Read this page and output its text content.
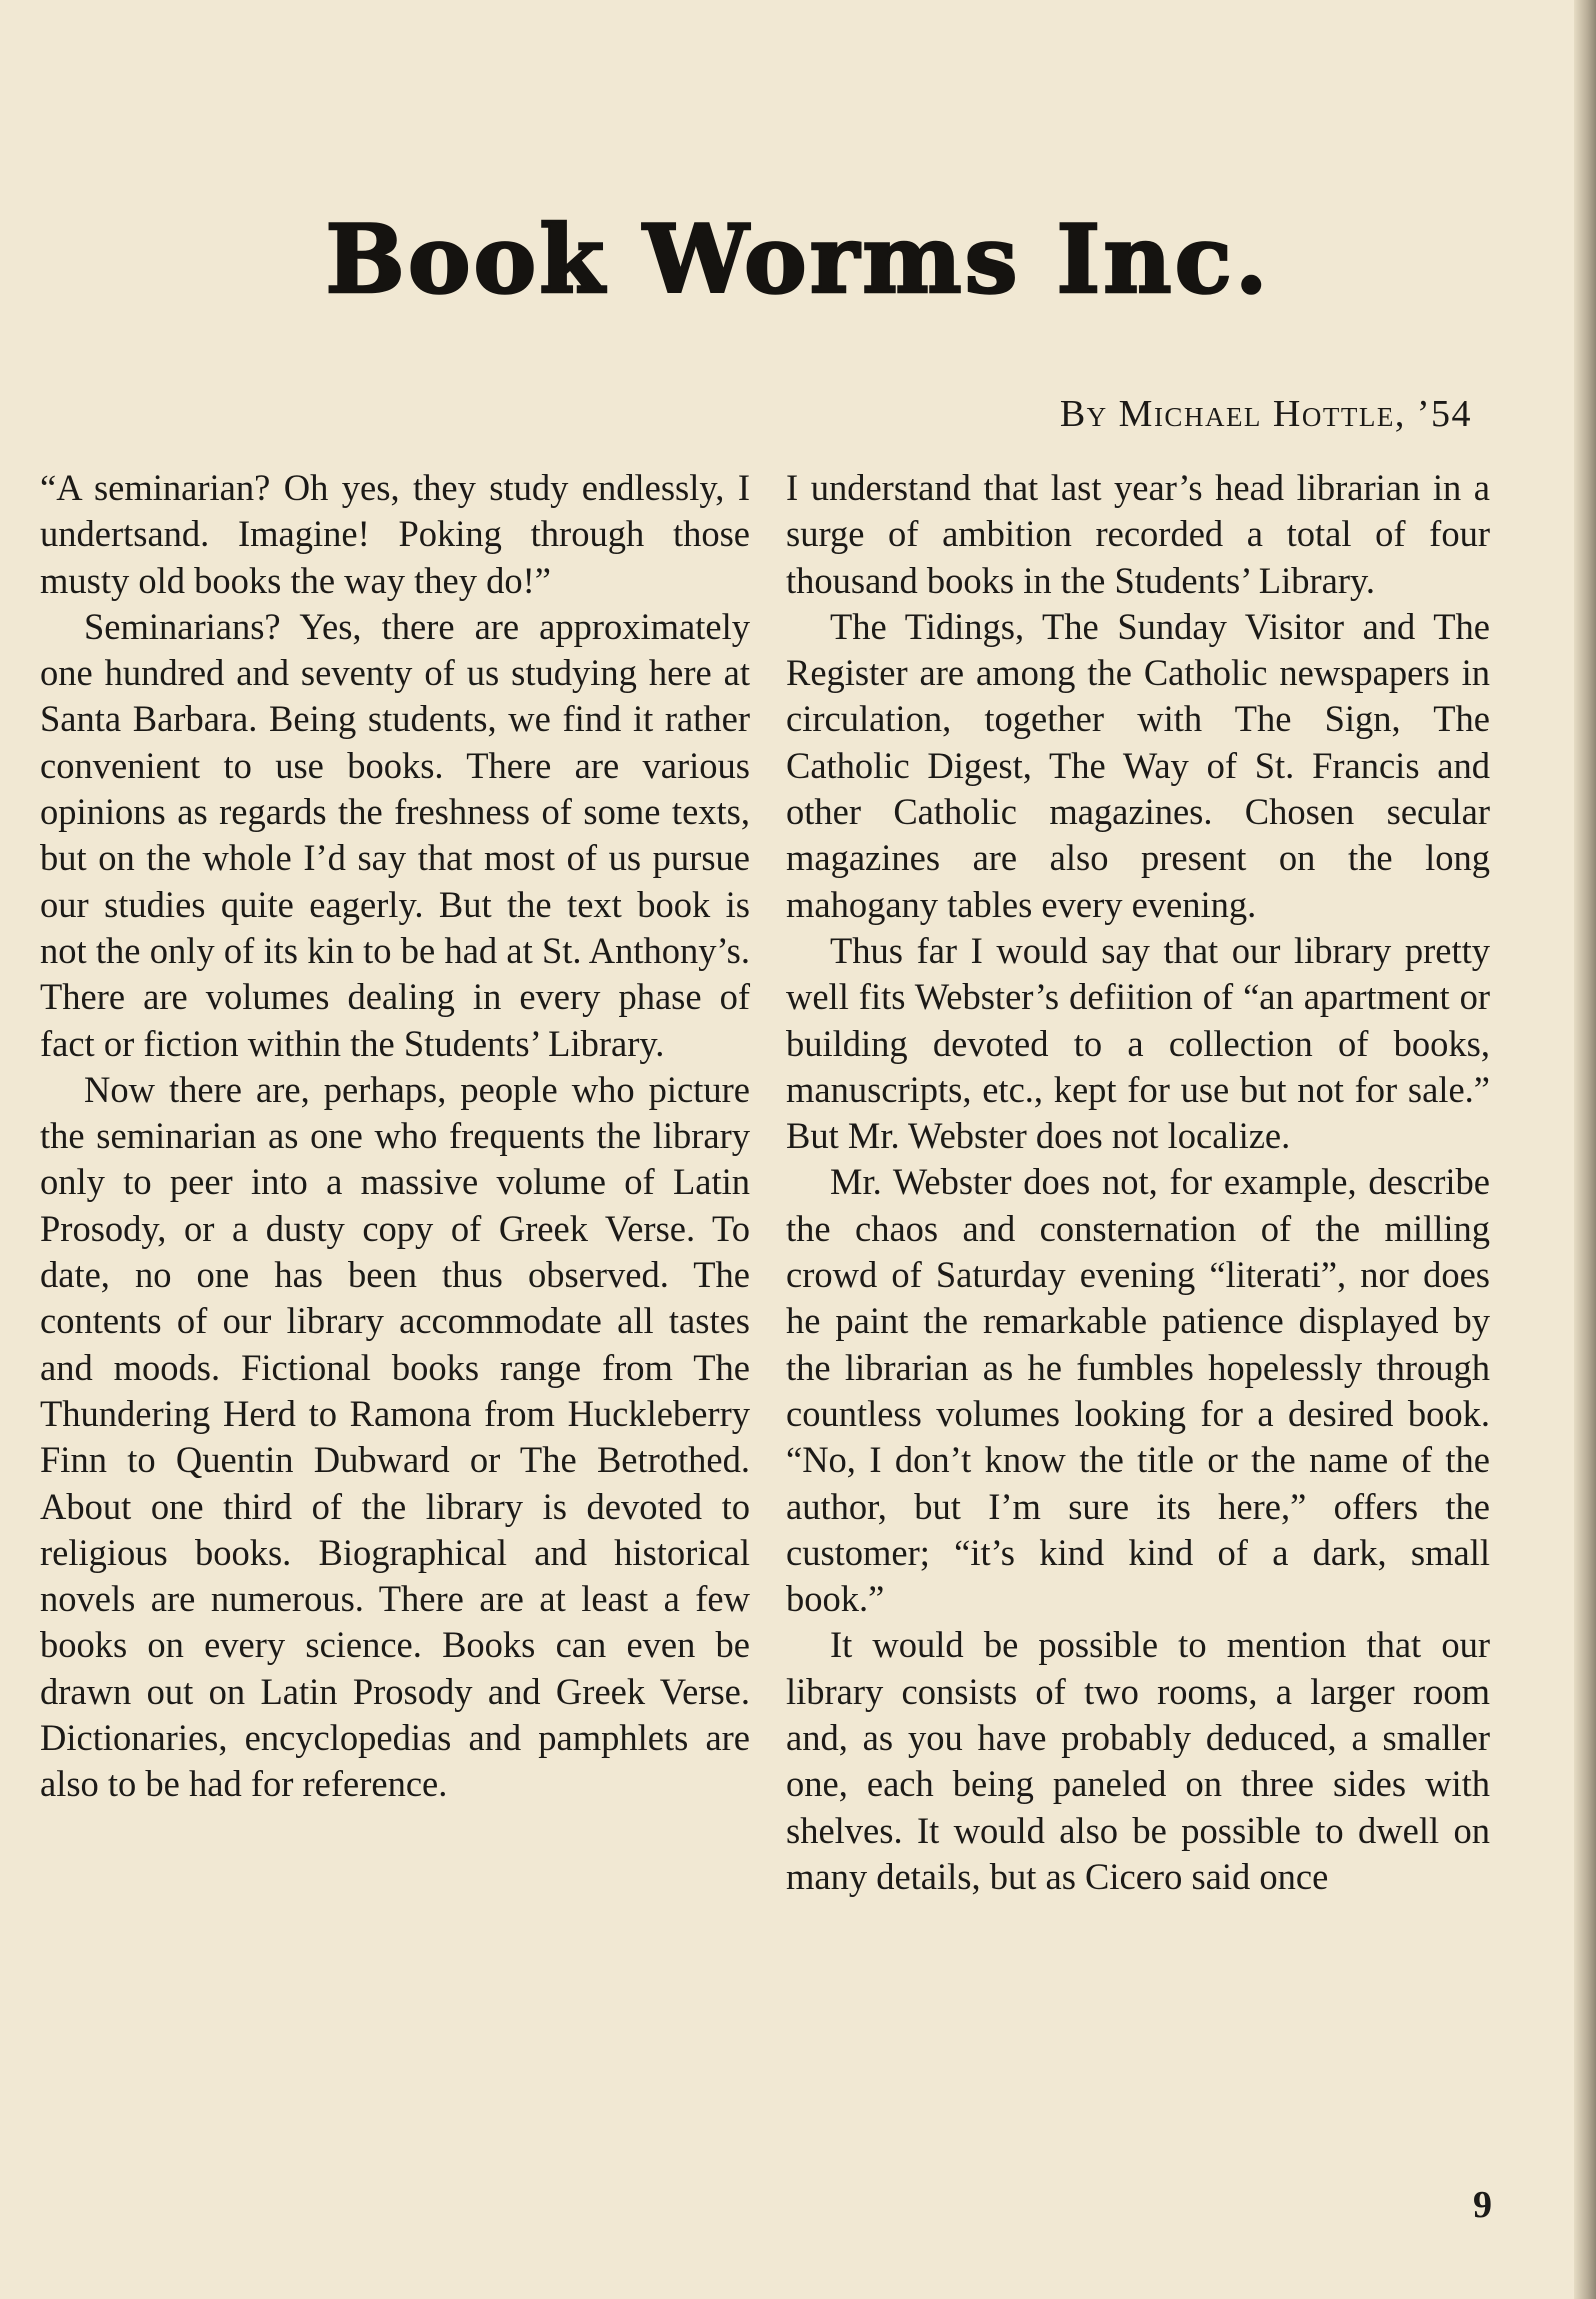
Book Worms Inc.
By Michael Hottle, ’54

“A seminarian? Oh yes, they study endlessly, I undertsand. Imagine! Poking through those musty old books the way they do!”

Seminarians? Yes, there are approximately one hundred and seventy of us studying here at Santa Barbara. Being students, we find it rather convenient to use books. There are various opinions as regards the freshness of some texts, but on the whole I’d say that most of us pursue our studies quite eagerly. But the text book is not the only of its kin to be had at St. Anthony’s. There are volumes dealing in every phase of fact or fiction within the Students’ Library.

Now there are, perhaps, people who picture the seminarian as one who frequents the library only to peer into a massive volume of Latin Prosody, or a dusty copy of Greek Verse. To date, no one has been thus observed. The contents of our library accommodate all tastes and moods. Fictional books range from The Thundering Herd to Ramona from Huckleberry Finn to Quentin Dubward or The Betrothed. About one third of the library is devoted to religious books. Biographical and historical novels are numerous. There are at least a few books on every science. Books can even be drawn out on Latin Prosody and Greek Verse. Dictionaries, encyclopedias and pamphlets are also to be had for reference.

I understand that last year’s head librarian in a surge of ambition recorded a total of four thousand books in the Students’ Library.

The Tidings, The Sunday Visitor and The Register are among the Catholic newspapers in circulation, together with The Sign, The Catholic Digest, The Way of St. Francis and other Catholic magazines. Chosen secular magazines are also present on the long mahogany tables every evening.

Thus far I would say that our library pretty well fits Webster’s defiition of “an apartment or building devoted to a collection of books, manuscripts, etc., kept for use but not for sale.” But Mr. Webster does not localize.

Mr. Webster does not, for example, describe the chaos and consternation of the milling crowd of Saturday evening “literati”, nor does he paint the remarkable patience displayed by the librarian as he fumbles hopelessly through countless volumes looking for a desired book. “No, I don’t know the title or the name of the author, but I’m sure its here,” offers the customer; “it’s kind kind of a dark, small book.”

It would be possible to mention that our library consists of two rooms, a larger room and, as you have probably deduced, a smaller one, each being paneled on three sides with shelves. It would also be possible to dwell on many details, but as Cicero said once

9
